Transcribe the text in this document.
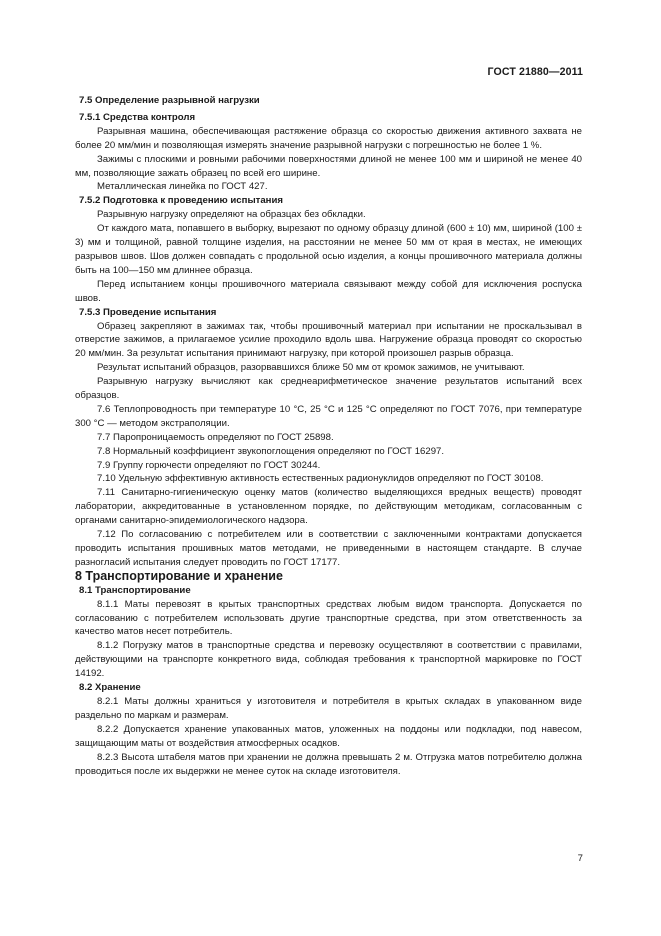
ГОСТ 21880—2011

7.5 Определение разрывной нагрузки

7.5.1 Средства контроля

Разрывная машина, обеспечивающая растяжение образца со скоростью движения активного захвата не более 20 мм/мин и позволяющая измерять значение разрывной нагрузки с погрешностью не более 1 %.

Зажимы с плоскими и ровными рабочими поверхностями длиной не менее 100 мм и шириной не менее 40 мм, позволяющие зажать образец по всей его ширине.

Металлическая линейка по ГОСТ 427.

7.5.2 Подготовка к проведению испытания

Разрывную нагрузку определяют на образцах без обкладки.

От каждого мата, попавшего в выборку, вырезают по одному образцу длиной (600 ± 10) мм, шириной (100 ± 3) мм и толщиной, равной толщине изделия, на расстоянии не менее 50 мм от края в местах, не имеющих разрывов швов. Шов должен совпадать с продольной осью изделия, а концы прошивочного материала должны быть на 100—150 мм длиннее образца.

Перед испытанием концы прошивочного материала связывают между собой для исключения роспуска швов.

7.5.3 Проведение испытания

Образец закрепляют в зажимах так, чтобы прошивочный материал при испытании не проскальзывал в отверстие зажимов, а прилагаемое усилие проходило вдоль шва. Нагружение образца проводят со скоростью 20 мм/мин. За результат испытания принимают нагрузку, при которой произошел разрыв образца.

Результат испытаний образцов, разорвавшихся ближе 50 мм от кромок зажимов, не учитывают.

Разрывную нагрузку вычисляют как среднеарифметическое значение результатов испытаний всех образцов.

7.6 Теплопроводность при температуре 10 °С, 25 °С и 125 °С определяют по ГОСТ 7076, при температуре 300 °С — методом экстраполяции.

7.7 Паропроницаемость определяют по ГОСТ 25898.

7.8 Нормальный коэффициент звукопоглощения определяют по ГОСТ 16297.

7.9 Группу горючести определяют по ГОСТ 30244.

7.10 Удельную эффективную активность естественных радионуклидов определяют по ГОСТ 30108.

7.11 Санитарно-гигиеническую оценку матов (количество выделяющихся вредных веществ) проводят лаборатории, аккредитованные в установленном порядке, по действующим методикам, согласованным с органами санитарно-эпидемиологического надзора.

7.12 По согласованию с потребителем или в соответствии с заключенными контрактами допускается проводить испытания прошивных матов методами, не приведенными в настоящем стандарте. В случае разногласий испытания следует проводить по ГОСТ 17177.

8 Транспортирование и хранение

8.1 Транспортирование

8.1.1 Маты перевозят в крытых транспортных средствах любым видом транспорта. Допускается по согласованию с потребителем использовать другие транспортные средства, при этом ответственность за качество матов несет потребитель.

8.1.2 Погрузку матов в транспортные средства и перевозку осуществляют в соответствии с правилами, действующими на транспорте конкретного вида, соблюдая требования к транспортной маркировке по ГОСТ 14192.

8.2 Хранение

8.2.1 Маты должны храниться у изготовителя и потребителя в крытых складах в упакованном виде раздельно по маркам и размерам.

8.2.2 Допускается хранение упакованных матов, уложенных на поддоны или подкладки, под навесом, защищающим маты от воздействия атмосферных осадков.

8.2.3 Высота штабеля матов при хранении не должна превышать 2 м. Отгрузка матов потребителю должна проводиться после их выдержки не менее суток на складе изготовителя.

7
